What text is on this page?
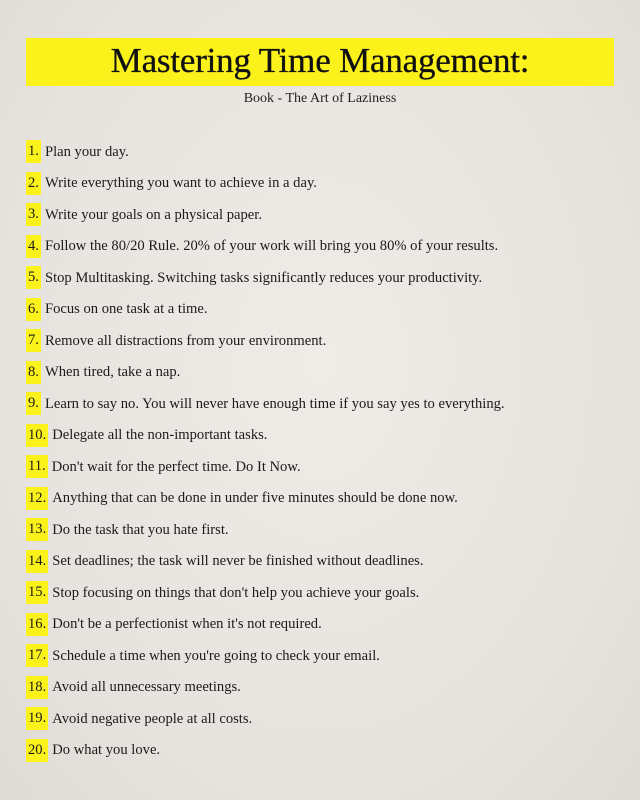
Mastering Time Management:
Book - The Art of Laziness
1. Plan your day.
2. Write everything you want to achieve in a day.
3. Write your goals on a physical paper.
4. Follow the 80/20 Rule. 20% of your work will bring you 80% of your results.
5. Stop Multitasking. Switching tasks significantly reduces your productivity.
6. Focus on one task at a time.
7. Remove all distractions from your environment.
8. When tired, take a nap.
9. Learn to say no. You will never have enough time if you say yes to everything.
10. Delegate all the non-important tasks.
11. Don't wait for the perfect time. Do It Now.
12. Anything that can be done in under five minutes should be done now.
13. Do the task that you hate first.
14. Set deadlines; the task will never be finished without deadlines.
15. Stop focusing on things that don't help you achieve your goals.
16. Don't be a perfectionist when it's not required.
17. Schedule a time when you're going to check your email.
18. Avoid all unnecessary meetings.
19. Avoid negative people at all costs.
20. Do what you love.
